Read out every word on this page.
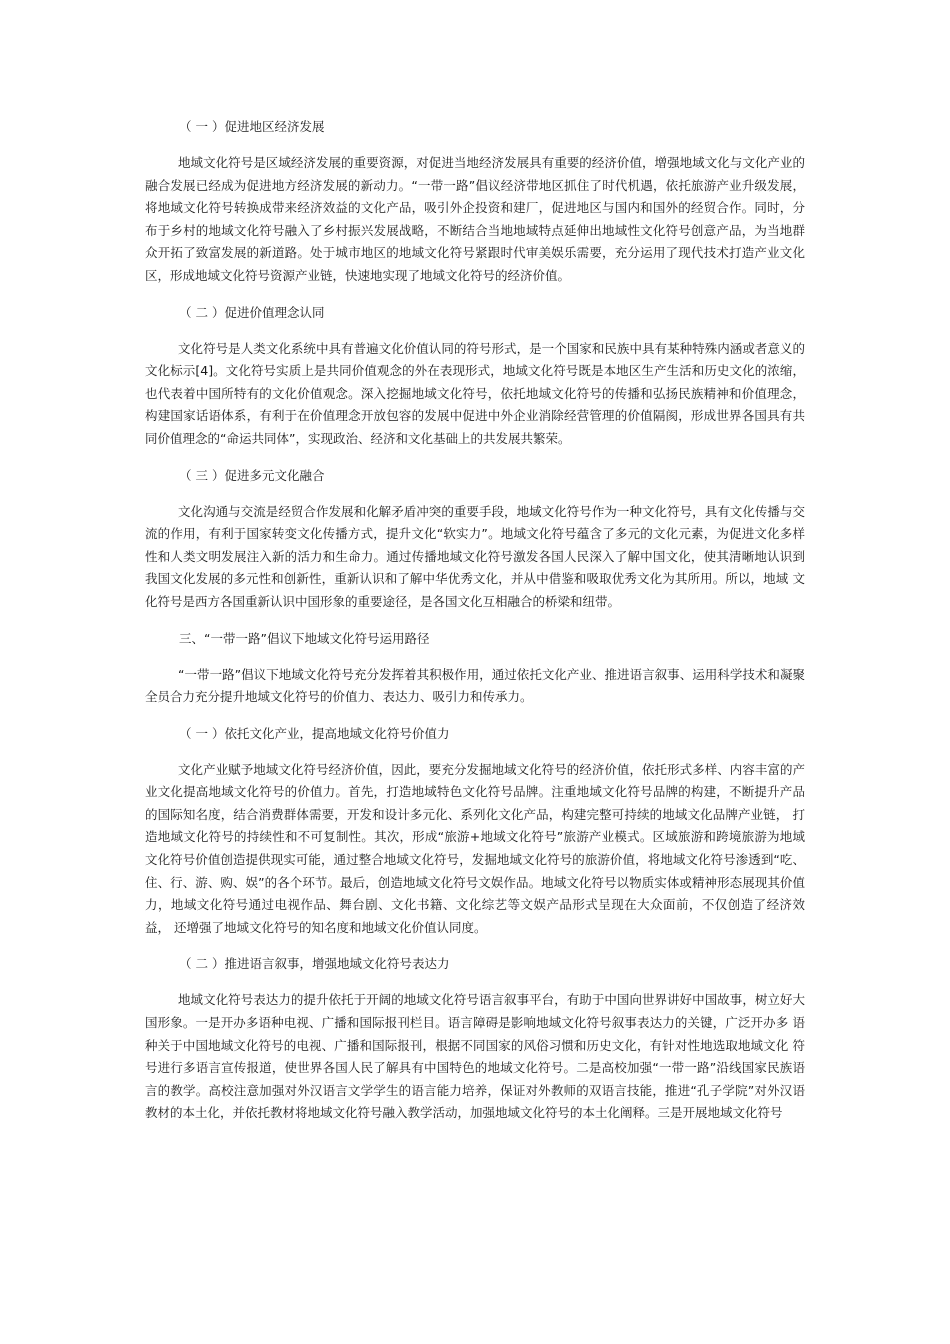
（ 一 ）促进地区经济发展

地域文化符号是区域经济发展的重要资源，对促进当地经济发展具有重要的经济价值，增强地域文化与文化产业的融合发展已经成为促进地方经济发展的新动力。“一带一路”倡议经济带地区抓住了时代机遇，依托旅游产业升级发展，将地域文化符号转换成带来经济效益的文化产品，吸引外企投资和建厂，促进地区与国内和国外的经贸合作。同时，分布于乡村的地域文化符号融入了乡村振兴发展战略，不断结合当地地域特点延伸出地域性文化符号创意产品，为当地群众开拓了致富发展的新道路。处于城市地区的地域文化符号紧跟时代审美娱乐需要，充分运用了现代技术打造产业文化区，形成地域文化符号资源产业链，快速地实现了地域文化符号的经济价值。

（ 二 ）促进价值理念认同

文化符号是人类文化系统中具有普遍文化价值认同的符号形式，是一个国家和民族中具有某种特殊内涵或者意义的文化标示[4]。文化符号实质上是共同价值观念的外在表现形式，地域文化符号既是本地区生产生活和历史文化的浓缩， 也代表着中国所特有的文化价值观念。深入挖掘地域文化符号，依托地域文化符号的传播和弘扬民族精神和价值理念， 构建国家话语体系，有利于在价值理念开放包容的发展中促进中外企业消除经营管理的价值隔阂，形成世界各国具有共同价值理念的“命运共同体”，实现政治、经济和文化基础上的共发展共繁荣。

（ 三 ）促进多元文化融合

文化沟通与交流是经贸合作发展和化解矛盾冲突的重要手段，地域文化符号作为一种文化符号，具有文化传播与交流的作用，有利于国家转变文化传播方式，提升文化“软实力”。地域文化符号蕴含了多元的文化元素，为促进文化多样性和人类文明发展注入新的活力和生命力。通过传播地域文化符号激发各国人民深入了解中国文化，使其清晰地认识到我国文化发展的多元性和创新性，重新认识和了解中华优秀文化，并从中借鉴和吸取优秀文化为其所用。所以，地域 文化符号是西方各国重新认识中国形象的重要途径，是各国文化互相融合的桥梁和纽带。

三、“一带一路”倡议下地域文化符号运用路径

“一带一路”倡议下地域文化符号充分发挥着其积极作用，通过依托文化产业、推进语言叙事、运用科学技术和凝聚全员合力充分提升地域文化符号的价值力、表达力、吸引力和传承力。

（ 一 ）依托文化产业，提高地域文化符号价值力

文化产业赋予地域文化符号经济价值，因此，要充分发掘地域文化符号的经济价值，依托形式多样、内容丰富的产业文化提高地域文化符号的价值力。首先，打造地域特色文化符号品牌。注重地域文化符号品牌的构建，不断提升产品的国际知名度，结合消费群体需要，开发和设计多元化、系列化文化产品，构建完整可持续的地域文化品牌产业链， 打造地域文化符号的持续性和不可复制性。其次，形成“旅游+地域文化符号”旅游产业模式。区域旅游和跨境旅游为地域文化符号价值创造提供现实可能，通过整合地域文化符号，发掘地域文化符号的旅游价值，将地域文化符号渗透到“吃、住、行、游、购、娱”的各个环节。最后，创造地域文化符号文娱作品。地域文化符号以物质实体或精神形态展现其价值力，地域文化符号通过电视作品、舞台剧、文化书籍、文化综艺等文娱产品形式呈现在大众面前，不仅创造了经济效益， 还增强了地域文化符号的知名度和地域文化价值认同度。

（ 二 ）推进语言叙事，增强地域文化符号表达力

地域文化符号表达力的提升依托于开阔的地域文化符号语言叙事平台，有助于中国向世界讲好中国故事，树立好大国形象。一是开办多语种电视、广播和国际报刊栏目。语言障碍是影响地域文化符号叙事表达力的关键，广泛开办多 语种关于中国地域文化符号的电视、广播和国际报刊，根据不同国家的风俗习惯和历史文化，有针对性地选取地域文化 符号进行多语言宣传报道，使世界各国人民了解具有中国特色的地域文化符号。二是高校加强“一带一路”沿线国家民族语言的教学。高校注意加强对外汉语言文学学生的语言能力培养，保证对外教师的双语言技能，推进“孔子学院”对外汉语教材的本土化，并依托教材将地域文化符号融入教学活动，加强地域文化符号的本土化阐释。三是开展地域文化符号
